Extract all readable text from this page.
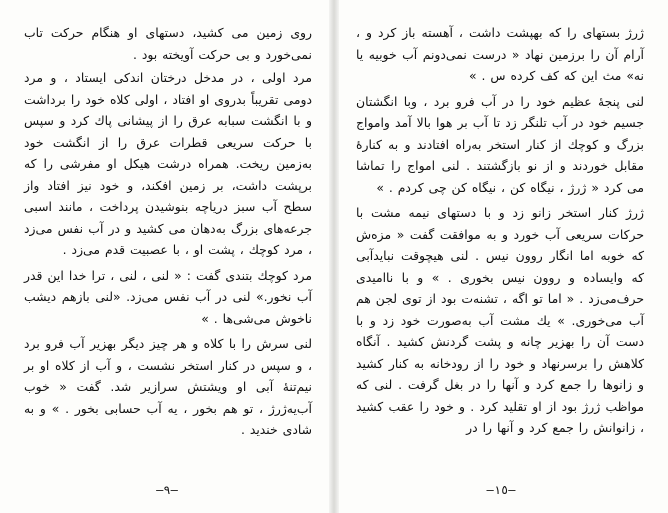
روی زمین می کشید، دستهای او هنگام حرکت تاب نمی‌خورد و بی حرکت آویخته بود .

مرد اولی ، در مدخل درختان اندکی ایستاد ، و مرد دومی تقریباً بدروی او افتاد ، اولی کلاه خود را برداشت و با انگشت سبابه عرق را از پیشانی پاك کرد و سپس با حرکت سریعی قطرات عرق را از انگشت خود به‌زمین ریخت. همراه درشت هیکل او مفرشی را که برپشت داشت، بر زمین افکند، و خود نیز افتاد واز سطح آب سبز دریاچه بنوشیدن پرداخت ، مانند اسبی جرعه‌های بزرگ به‌دهان می کشید و در آب نفس می‌زد ، مرد کوچك ، پشت او ، با عصبیت قدم می‌زد .

مرد کوچك بتندی گفت : « لنی ، لنی ، ترا خدا این قدر آب نخور.» لنی در آب نفس می‌زد. «لنی بازهم دیشب ناخوش می‌شی‌ها . »

لنی سرش را با کلاه و هر چیز دیگر بهزیر آب فرو برد ، و سپس در کنار استخر نشست ، و آب از کلاه او بر نیم‌تنهٔ آبی او ویشتش سرازیر شد. گفت « خوب آب‌یه‌ژرژ ، تو هم بخور ، یه آب حسابی بخور . » و به شادی خندید .

—٩—

ژرژ بستهای را که بهپشت داشت ، آهسته باز کرد و ، آرام آن را برزمین نهاد « درست نمی‌دونم آب خوبیه یا نه» مث این که کف کرده س . »

لنی پنجهٔ عظیم خود را در آب فرو برد ، وبا انگشتان جسیم خود در آب تلنگر زد تا آب بر هوا بالا آمد وامواج بزرگ و کوچك از کنار استخر به‌راه افتادند و به کنارهٔ مقابل خوردند و از نو بازگشتند . لنی امواج را تماشا می کرد « ژرژ ، نیگاه کن ، نیگاه کن چی کردم . »

ژرژ کنار استخر زانو زد و با دستهای نیمه مشت با حرکات سریعی آب خورد و به موافقت گفت « مزه‌ش که خوبه اما انگار روون نیس . لنی هیچوقت نبایدآبی که وایساده و روون نیس بخوری . » و با ناامیدی حرف‌می‌زد . « اما تو اگه ، تشنه‌ت بود از توی لجن هم آب می‌خوری. » یك مشت آب به‌صورت خود زد و با دست آن را بهزیر چانه و پشت گردنش کشید . آنگاه کلاهش را برسرنهاد و خود را از رودخانه به کنار کشید و زانوها را جمع کرد و آنها را در بغل گرفت . لنی که مواظب ژرژ بود از او تقلید کرد . و خود را عقب کشید ، زانوانش را جمع کرد و آنها را در

—١٥—
